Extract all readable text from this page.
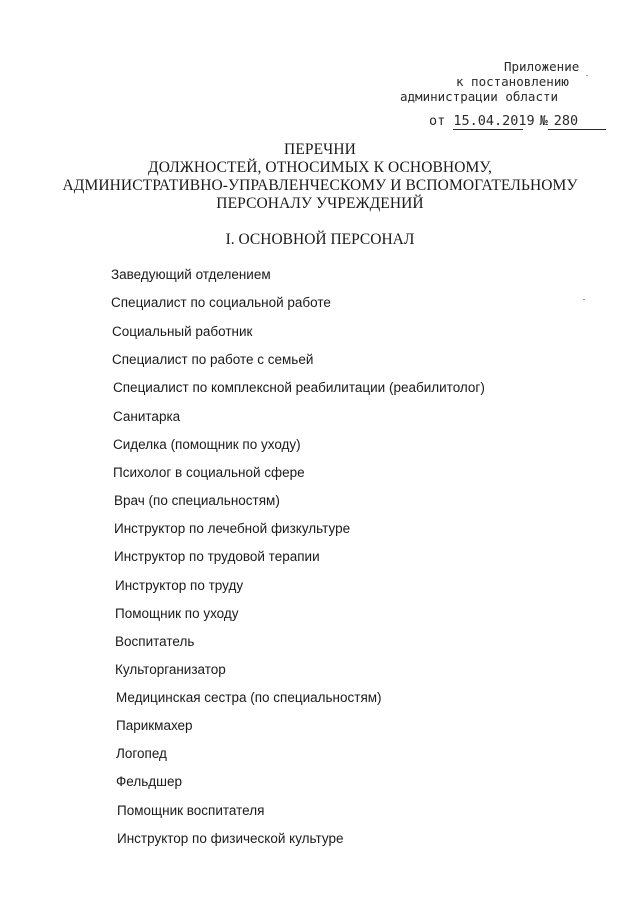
Приложение
к постановлению
администрации области
от 15.04.2019 № 280
ПЕРЕЧНИ
ДОЛЖНОСТЕЙ, ОТНОСИМЫХ К ОСНОВНОМУ,
АДМИНИСТРАТИВНО-УПРАВЛЕНЧЕСКОМУ И ВСПОМОГАТЕЛЬНОМУ
ПЕРСОНАЛУ УЧРЕЖДЕНИЙ
I. ОСНОВНОЙ ПЕРСОНАЛ
Заведующий отделением
Специалист по социальной работе
Социальный работник
Специалист по работе с семьей
Специалист по комплексной реабилитации (реабилитолог)
Санитарка
Сиделка (помощник по уходу)
Психолог в социальной сфере
Врач (по специальностям)
Инструктор по лечебной физкультуре
Инструктор по трудовой терапии
Инструктор по труду
Помощник по уходу
Воспитатель
Культорганизатор
Медицинская сестра (по специальностям)
Парикмахер
Логопед
Фельдшер
Помощник воспитателя
Инструктор по физической культуре
